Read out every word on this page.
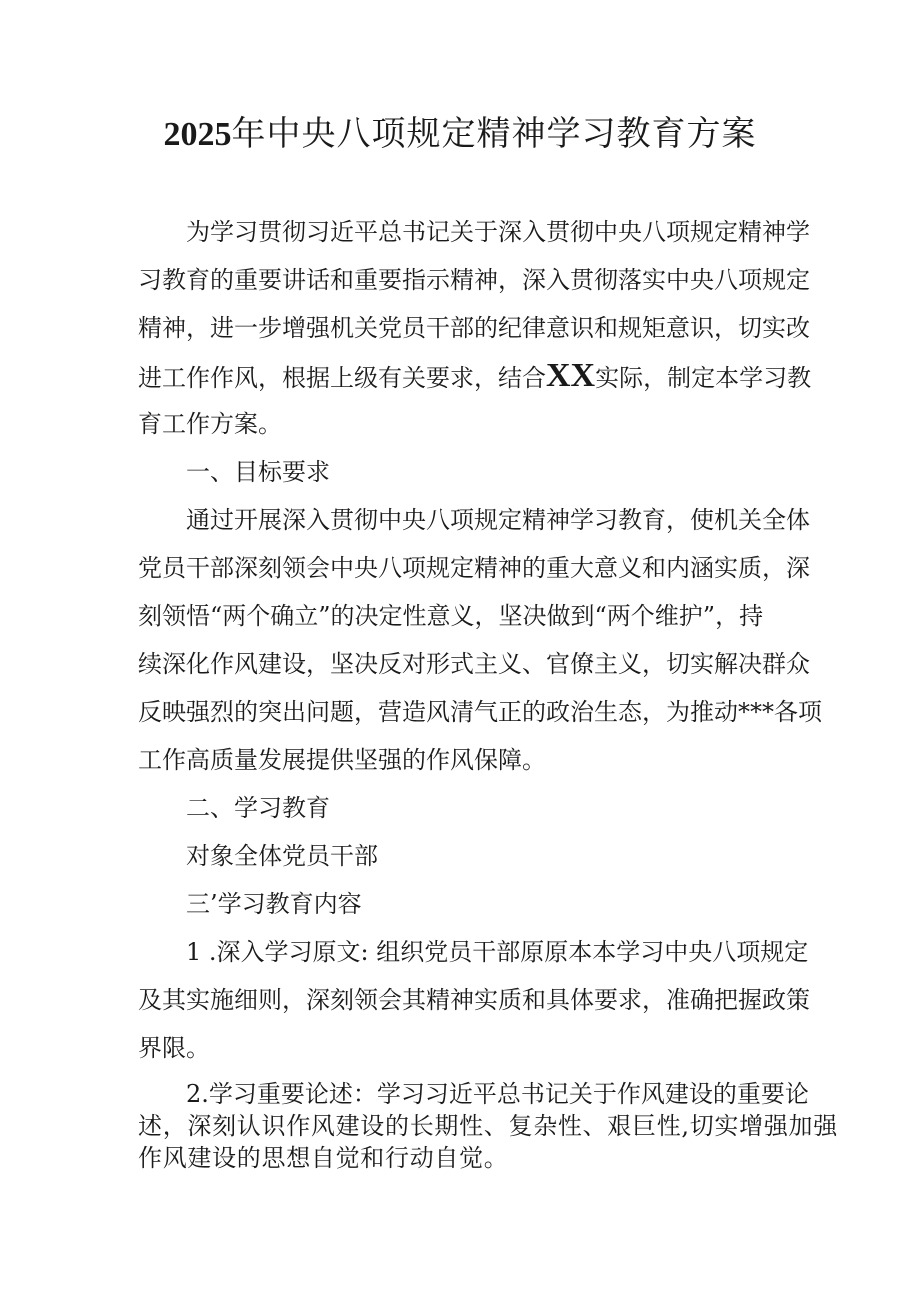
2025年中央八项规定精神学习教育方案

为学习贯彻习近平总书记关于深入贯彻中央八项规定精神学

习教育的重要讲话和重要指示精神，深入贯彻落实中央八项规定

精神，进一步增强机关党员干部的纪律意识和规矩意识，切实改

进工作作风，根据上级有关要求，结合XX实际，制定本学习教

育工作方案。

一、目标要求

通过开展深入贯彻中央八项规定精神学习教育，使机关全体

党员干部深刻领会中央八项规定精神的重大意义和内涵实质，深

刻领悟“两个确立”的决定性意义，坚决做到“两个维护”，持

续深化作风建设，坚决反对形式主义、官僚主义，切实解决群众

反映强烈的突出问题，营造风清气正的政治生态，为推动***各项

工作高质量发展提供坚强的作风保障。

二、学习教育

对象全体党员干部

三’学习教育内容

1 .深入学习原文: 组织党员干部原原本本学习中央八项规定

及其实施细则，深刻领会其精神实质和具体要求，准确把握政策

界限。

2.学习重要论述：学习习近平总书记关于作风建设的重要论

述，深刻认识作风建设的长期性、复杂性、艰巨性,切实增强加强

作风建设的思想自觉和行动自觉。
